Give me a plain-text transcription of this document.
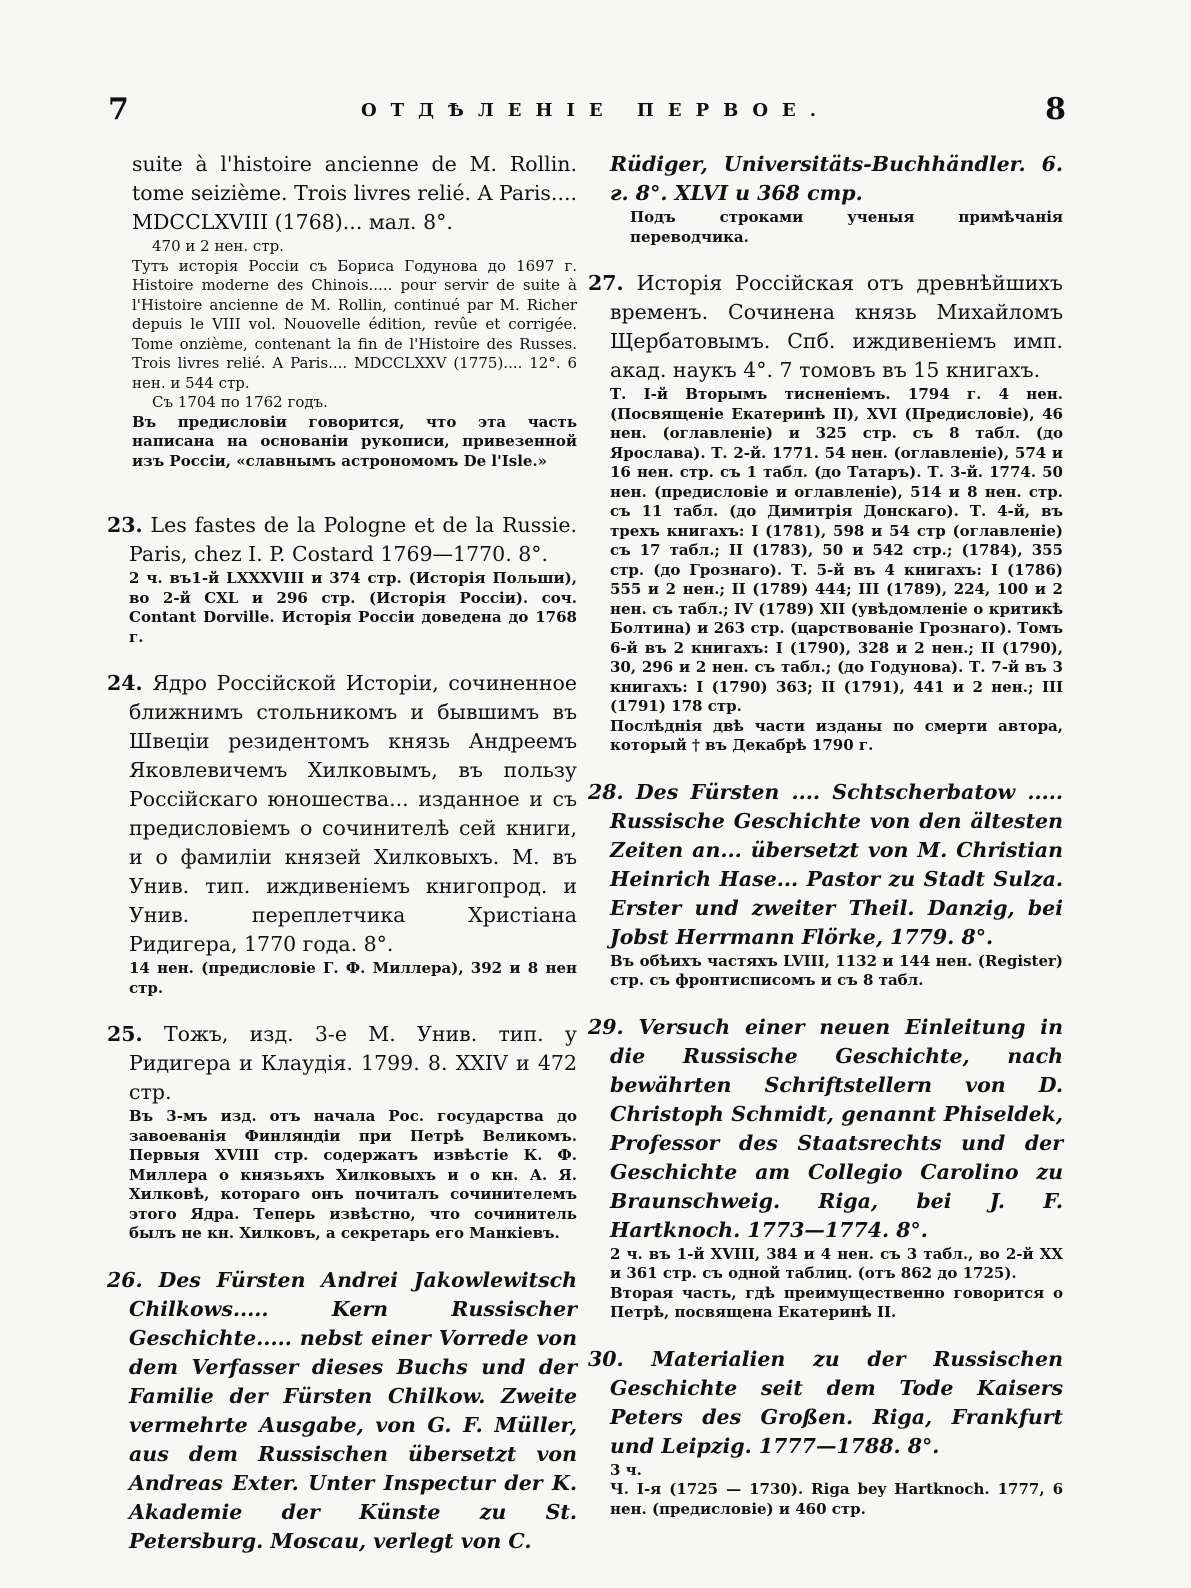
7	ОТДѢЛЕНІЕ ПЕРВОЕ.	8

suite à l'histoire ancienne de M. Rollin. tome seizième. Trois livres relié. A Paris.... MDCCLXVIII (1768)... мал. 8°.

470 и 2 нен. стр.

Тутъ исторія Россіи съ Бориса Годунова до 1697 г. Histoire moderne des Chinois..... pour servir de suite à l'Histoire ancienne de M. Rollin, continué par M. Richer depuis le VIII vol. Nouovelle édition, revûe et corrigée. Tome onzième, contenant la fin de l'Histoire des Russes. Trois livres relié. A Paris.... MDCCLXXV (1775).... 12°. 6 нен. и 544 стр.

Съ 1704 по 1762 годъ.

Въ предисловіи говорится, что эта часть написана на основаніи рукописи, привезенной изъ Россіи, «славнымъ астрономомъ De l'Isle.»

23. Les fastes de la Pologne et de la Russie. Paris, chez I. P. Costard 1769—1770. 8°.

2 ч. въ1-й LXXXVIII и 374 стр. (Исторія Польши), во 2-й CXL и 296 стр. (Исторія Россіи). соч. Contant Dorville. Исторія Россіи доведена до 1768 г.

24. Ядро Россійской Исторіи, сочиненное ближнимъ стольникомъ и бывшимъ въ Швеціи резидентомъ князь Андреемъ Яковлевичемъ Хилковымъ, въ пользу Россійскаго юношества... изданное и съ предисловіемъ о сочинителѣ сей книги, и о фамиліи князей Хилковыхъ. М. въ Унив. тип. иждивеніемъ книгопрод. и Унив. переплетчика Христіана Ридигера, 1770 года. 8°.

14 нен. (предисловіе Г. Ф. Миллера), 392 и 8 нен стр.

25. Тожъ, изд. 3-е М. Унив. тип. у Ридигера и Клаудія. 1799. 8. XXIV и 472 стр.

Въ 3-мъ изд. отъ начала Рос. государства до завоеванія Финляндіи при Петрѣ Великомъ. Первыя XVIII стр. содержатъ извѣстіе К. Ф. Миллера о князьяхъ Хилковыхъ и о кн. А. Я. Хилковѣ, котораго онъ почиталъ сочинителемъ этого Ядра. Теперь извѣстно, что сочинитель былъ не кн. Хилковъ, а секретарь его Манкіевъ.

26. Des Fürsten Andrei Jakowlewitsch Chilkows..... Kern Russischer Geschichte..... nebst einer Vorrede von dem Verfasser dieses Buchs und der Familie der Fürsten Chilkow. Zweite vermehrte Ausgabe, von G. F. Müller, aus dem Russischen übersetzt von Andreas Exter. Unter Inspectur der K. Akademie der Künste zu St. Petersburg. Moscau, verlegt von C.

Rüdiger, Universitäts-Buchhändler. 6. г. 8°. XLVI и 368 стр.

Подъ строками ученыя примѣчанія переводчика.

27. Исторія Россійская отъ древнѣйшихъ временъ. Сочинена князь Михайломъ Щербатовымъ. Спб. иждивеніемъ имп. акад. наукъ 4°. 7 томовъ въ 15 книгахъ.

Т. I-й Вторымъ тисненіемъ. 1794 г. 4 нен. (Посвященіе Екатеринѣ II), XVI (Предисловіе), 46 нен. (оглавленіе) и 325 стр. съ 8 табл. (до Ярослава). Т. 2-й. 1771. 54 нен. (оглавленіе), 574 и 16 нен. стр. съ 1 табл. (до Татаръ). Т. 3-й. 1774. 50 нен. (предисловіе и оглавленіе), 514 и 8 нен. стр. съ 11 табл. (до Димитрія Донскаго). Т. 4-й, въ трехъ книгахъ: I (1781), 598 и 54 стр (оглавленіе) съ 17 табл.; II (1783), 50 и 542 стр.; (1784), 355 стр. (до Грознаго). Т. 5-й въ 4 книгахъ: I (1786) 555 и 2 нен.; II (1789) 444; III (1789), 224, 100 и 2 нен. съ табл.; IV (1789) XII (увѣдомленіе о критикѣ Болтина) и 263 стр. (царствованіе Грознаго). Томъ 6-й въ 2 книгахъ: I (1790), 328 и 2 нен.; II (1790), 30, 296 и 2 нен. съ табл.; (до Годунова). Т. 7-й въ 3 книгахъ: I (1790) 363; II (1791), 441 и 2 нен.; III (1791) 178 стр.

Послѣднія двѣ части изданы по смерти автора, который † въ Декабрѣ 1790 г.

28. Des Fürsten .... Schtscherbatow ..... Russische Geschichte von den ältesten Zeiten an... übersetzt von M. Christian Heinrich Hase... Pastor zu Stadt Sulza. Erster und zweiter Theil. Danzig, bei Jobst Herrmann Flörke, 1779. 8°.

Въ обѣихъ частяхъ LVIII, 1132 и 144 нен. (Register) стр. съ фронтисписомъ и съ 8 табл.

29. Versuch einer neuen Einleitung in die Russische Geschichte, nach bewährten Schriftstellern von D. Christoph Schmidt, genannt Phiseldek, Professor des Staatsrechts und der Geschichte am Collegio Carolino zu Braunschweig. Riga, bei J. F. Hartknoch. 1773—1774. 8°.

2 ч. въ 1-й XVIII, 384 и 4 нен. съ 3 табл., во 2-й XX и 361 стр. съ одной таблиц. (отъ 862 до 1725).

Вторая часть, гдѣ преимущественно говорится о Петрѣ, посвящена Екатеринѣ II.

30. Materialien zu der Russischen Geschichte seit dem Tode Kaisers Peters des Großen. Riga, Frankfurt und Leipzig. 1777—1788. 8°.

3 ч.

Ч. I-я (1725 — 1730). Riga bey Hartknoch. 1777, 6 нен. (предисловіе) и 460 стр.
